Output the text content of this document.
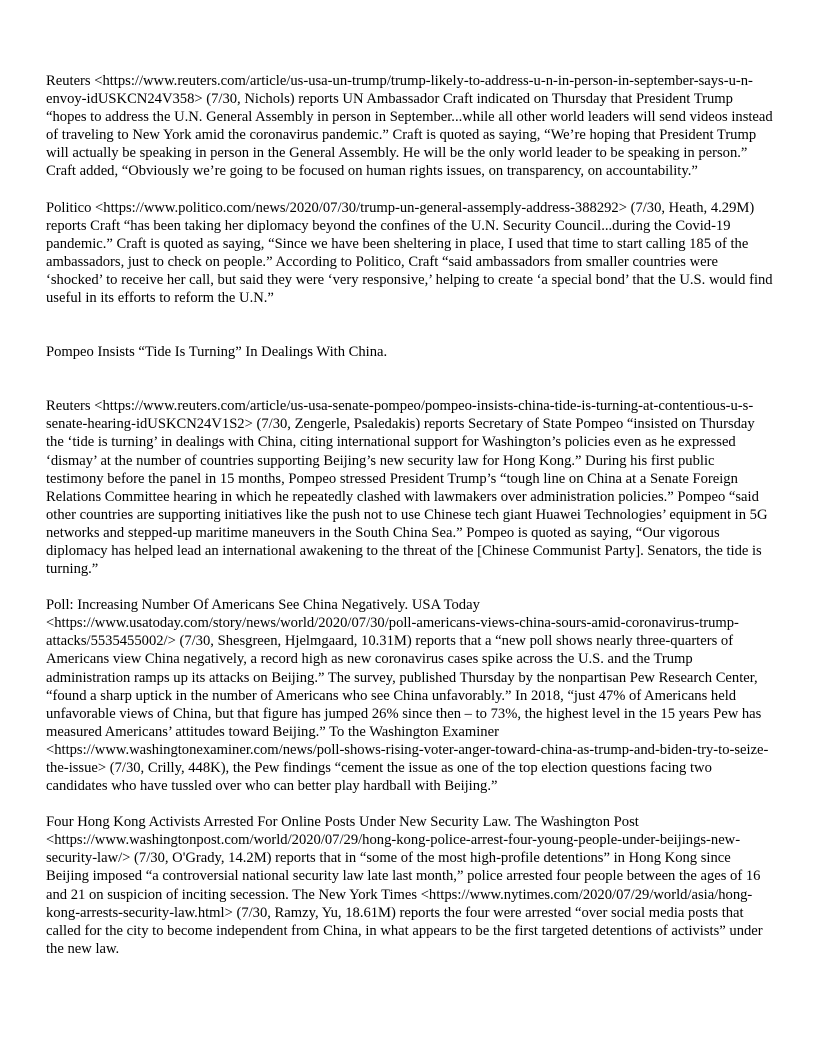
Reuters <https://www.reuters.com/article/us-usa-un-trump/trump-likely-to-address-u-n-in-person-in-september-says-u-n-envoy-idUSKCN24V358> (7/30, Nichols) reports UN Ambassador Craft indicated on Thursday that President Trump “hopes to address the U.N. General Assembly in person in September...while all other world leaders will send videos instead of traveling to New York amid the coronavirus pandemic.” Craft is quoted as saying, “We’re hoping that President Trump will actually be speaking in person in the General Assembly. He will be the only world leader to be speaking in person.” Craft added, “Obviously we’re going to be focused on human rights issues, on transparency, on accountability.”

Politico <https://www.politico.com/news/2020/07/30/trump-un-general-assemply-address-388292> (7/30, Heath, 4.29M) reports Craft “has been taking her diplomacy beyond the confines of the U.N. Security Council...during the Covid-19 pandemic.” Craft is quoted as saying, “Since we have been sheltering in place, I used that time to start calling 185 of the ambassadors, just to check on people.” According to Politico, Craft “said ambassadors from smaller countries were ‘shocked’ to receive her call, but said they were ‘very responsive,’ helping to create ‘a special bond’ that the U.S. would find useful in its efforts to reform the U.N.”

Pompeo Insists “Tide Is Turning” In Dealings With China.

Reuters <https://www.reuters.com/article/us-usa-senate-pompeo/pompeo-insists-china-tide-is-turning-at-contentious-u-s-senate-hearing-idUSKCN24V1S2> (7/30, Zengerle, Psaledakis) reports Secretary of State Pompeo “insisted on Thursday the ‘tide is turning’ in dealings with China, citing international support for Washington’s policies even as he expressed ‘dismay’ at the number of countries supporting Beijing’s new security law for Hong Kong.” During his first public testimony before the panel in 15 months, Pompeo stressed President Trump’s “tough line on China at a Senate Foreign Relations Committee hearing in which he repeatedly clashed with lawmakers over administration policies.” Pompeo “said other countries are supporting initiatives like the push not to use Chinese tech giant Huawei Technologies’ equipment in 5G networks and stepped-up maritime maneuvers in the South China Sea.” Pompeo is quoted as saying, “Our vigorous diplomacy has helped lead an international awakening to the threat of the [Chinese Communist Party]. Senators, the tide is turning.”

Poll: Increasing Number Of Americans See China Negatively. USA Today <https://www.usatoday.com/story/news/world/2020/07/30/poll-americans-views-china-sours-amid-coronavirus-trump-attacks/5535455002/> (7/30, Shesgreen, Hjelmgaard, 10.31M) reports that a “new poll shows nearly three-quarters of Americans view China negatively, a record high as new coronavirus cases spike across the U.S. and the Trump administration ramps up its attacks on Beijing.” The survey, published Thursday by the nonpartisan Pew Research Center, “found a sharp uptick in the number of Americans who see China unfavorably.” In 2018, “just 47% of Americans held unfavorable views of China, but that figure has jumped 26% since then – to 73%, the highest level in the 15 years Pew has measured Americans’ attitudes toward Beijing.” To the Washington Examiner <https://www.washingtonexaminer.com/news/poll-shows-rising-voter-anger-toward-china-as-trump-and-biden-try-to-seize-the-issue> (7/30, Crilly, 448K), the Pew findings “cement the issue as one of the top election questions facing two candidates who have tussled over who can better play hardball with Beijing.”

Four Hong Kong Activists Arrested For Online Posts Under New Security Law. The Washington Post <https://www.washingtonpost.com/world/2020/07/29/hong-kong-police-arrest-four-young-people-under-beijings-new-security-law/> (7/30, O'Grady, 14.2M) reports that in “some of the most high-profile detentions” in Hong Kong since Beijing imposed “a controversial national security law late last month,” police arrested four people between the ages of 16 and 21 on suspicion of inciting secession. The New York Times <https://www.nytimes.com/2020/07/29/world/asia/hong-kong-arrests-security-law.html> (7/30, Ramzy, Yu, 18.61M) reports the four were arrested “over social media posts that called for the city to become independent from China, in what appears to be the first targeted detentions of activists” under the new law.
